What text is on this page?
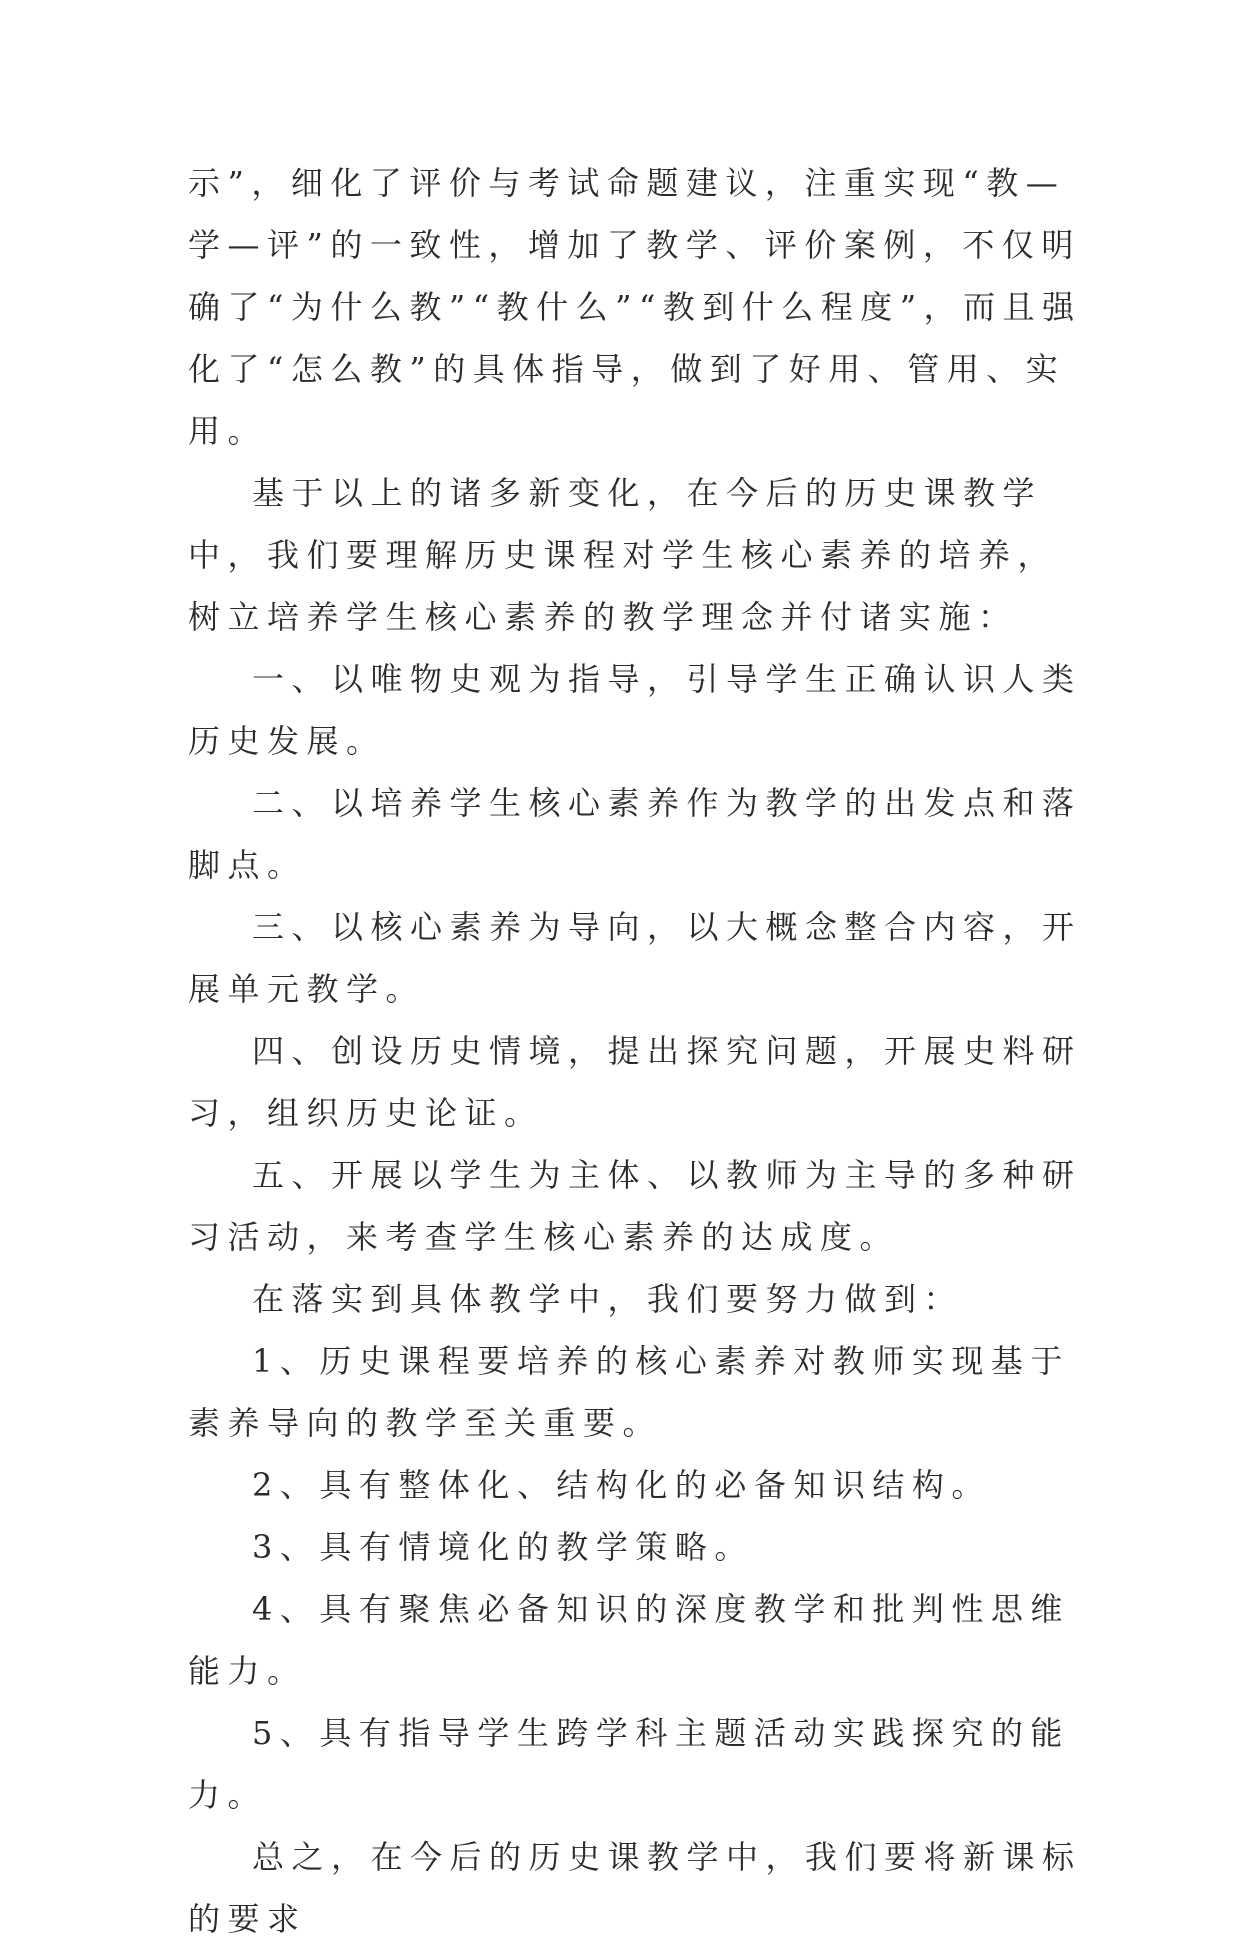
示”，细化了评价与考试命题建议，注重实现“教—学—评”的一致性，增加了教学、评价案例，不仅明确了“为什么教”“教什么”“教到什么程度”，而且强化了“怎么教”的具体指导，做到了好用、管用、实用。

基于以上的诸多新变化，在今后的历史课教学中，我们要理解历史课程对学生核心素养的培养，树立培养学生核心素养的教学理念并付诸实施：

一、以唯物史观为指导，引导学生正确认识人类历史发展。

二、以培养学生核心素养作为教学的出发点和落脚点。

三、以核心素养为导向，以大概念整合内容，开展单元教学。

四、创设历史情境，提出探究问题，开展史料研习，组织历史论证。

五、开展以学生为主体、以教师为主导的多种研习活动，来考查学生核心素养的达成度。

在落实到具体教学中，我们要努力做到：

1、历史课程要培养的核心素养对教师实现基于素养导向的教学至关重要。

2、具有整体化、结构化的必备知识结构。

3、具有情境化的教学策略。

4、具有聚焦必备知识的深度教学和批判性思维能力。

5、具有指导学生跨学科主题活动实践探究的能力。

总之，在今后的历史课教学中，我们要将新课标的要求
